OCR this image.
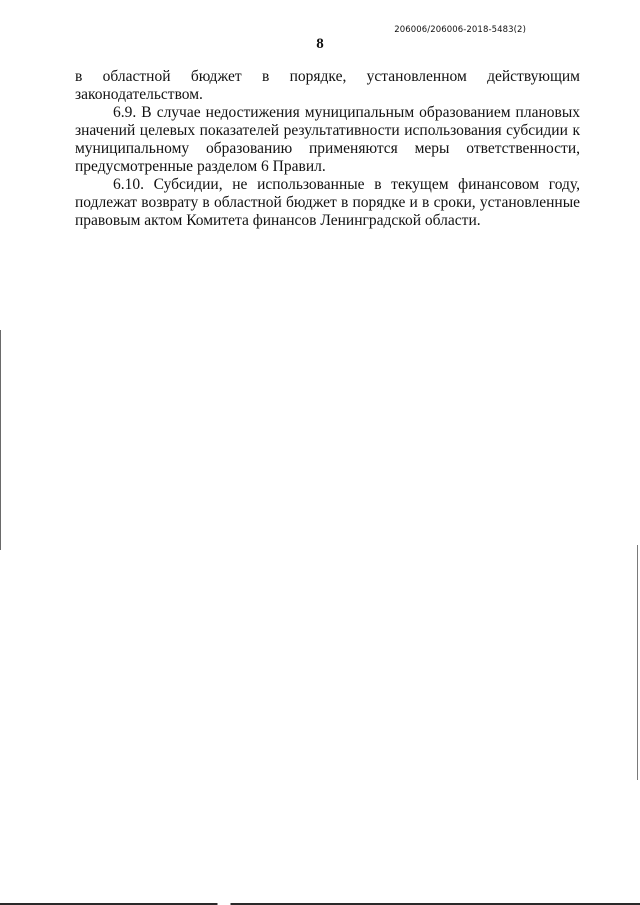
206006/206006-2018-5483(2)
8

в областной бюджет в порядке, установленном действующим законодательством.

6.9. В случае недостижения муниципальным образованием плановых значений целевых показателей результативности использования субсидии к муниципальному образованию применяются меры ответственности, предусмотренные разделом 6 Правил.

6.10. Субсидии, не использованные в текущем финансовом году, подлежат возврату в областной бюджет в порядке и в сроки, установленные правовым актом Комитета финансов Ленинградской области.
